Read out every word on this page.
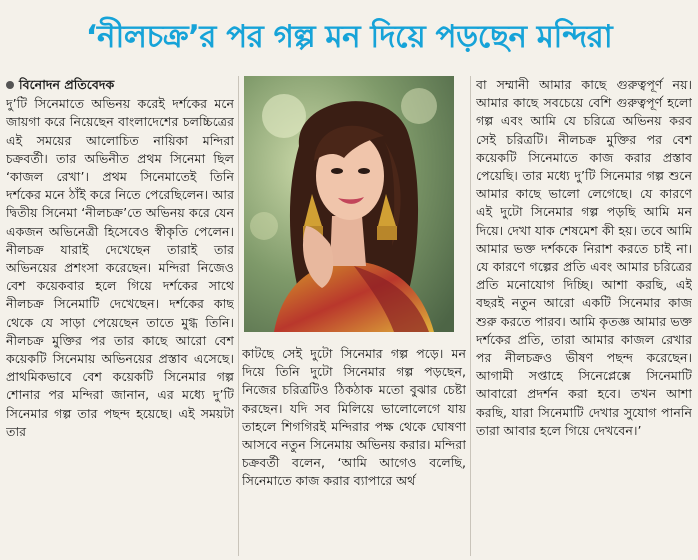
‘নীলচক্র’র পর গল্প মন দিয়ে পড়ছেন মন্দিরা
বিনোদন প্রতিবেদক
দু’টি সিনেমাতে অভিনয় করেই দর্শকের মনে জায়গা করে নিয়েছেন বাংলাদেশের চলচ্চিত্রের এই সময়ের আলোচিত নায়িকা মন্দিরা চক্রবর্তী। তার অভিনীত প্রথম সিনেমা ছিল ‘কাজল রেখা’। প্রথম সিনেমাতেই তিনি দর্শকের মনে ঠাঁই করে নিতে পেরেছিলেন। আর দ্বিতীয় সিনেমা ‘নীলচক্র’তে অভিনয় করে যেন একজন অভিনেত্রী হিসেবেও স্বীকৃতি পেলেন। নীলচক্র যারাই দেখেছেন তারাই তার অভিনয়ের প্রশংসা করেছেন। মন্দিরা নিজেও বেশ কয়েকবার হলে গিয়ে দর্শকের সাথে নীলচক্র সিনেমাটি দেখেছেন। দর্শকের কাছ থেকে যে সাড়া পেয়েছেন তাতে মুগ্ধ তিনি। নীলচক্র মুক্তির পর তার কাছে আরো বেশ কয়েকটি সিনেমায় অভিনয়ের প্রস্তাব এসেছে। প্রাথমিকভাবে বেশ কয়েকটি সিনেমার গল্প শোনার পর মন্দিরা জানান, এর মধ্যে দু’টি সিনেমার গল্প তার পছন্দ হয়েছে। এই সময়টা তার
কাটছে সেই দুটো সিনেমার গল্প পড়ে। মন দিয়ে তিনি দুটো সিনেমার গল্প পড়ছেন, নিজের চরিত্রটিও ঠিকঠাক মতো বুঝার চেষ্টা করছেন। যদি সব মিলিয়ে ভালোলেগে যায় তাহলে শিগগিরই মন্দিরার পক্ষ থেকে ঘোষণা আসবে নতুন সিনেমায় অভিনয় করার। মন্দিরা চক্রবর্তী বলেন, ‘আমি আগেও বলেছি, সিনেমাতে কাজ করার ব্যাপারে অর্থ
বা সম্মানী আমার কাছে গুরুত্বপূর্ণ নয়। আমার কাছে সবচেয়ে বেশি গুরুত্বপূর্ণ হলো গল্প এবং আমি যে চরিত্রে অভিনয় করব সেই চরিত্রটি। নীলচক্র মুক্তির পর বেশ কয়েকটি সিনেমাতে কাজ করার প্রস্তাব পেয়েছি। তার মধ্যে দু’টি সিনেমার গল্প শুনে আমার কাছে ভালো লেগেছে। যে কারণে এই দুটো সিনেমার গল্প পড়ছি আমি মন দিয়ে। দেখা যাক শেষমেশ কী হয়। তবে আমি আমার ভক্ত দর্শককে নিরাশ করতে চাই না। যে কারণে গল্পের প্রতি এবং আমার চরিত্রের প্রতি মনোযোগ দিচ্ছি। আশা করছি, এই বছরই নতুন আরো একটি সিনেমার কাজ শুরু করতে পারব। আমি কৃতজ্ঞ আমার ভক্ত দর্শকের প্রতি, তারা আমার কাজল রেখার পর নীলচক্রও ভীষণ পছন্দ করেছেন। আগামী সপ্তাহে সিনেপ্লেক্সে সিনেমাটি আবারো প্রদর্শন করা হবে। তখন আশা করছি, যারা সিনেমাটি দেখার সুযোগ পাননি তারা আবার হলে গিয়ে দেখবেন।’
